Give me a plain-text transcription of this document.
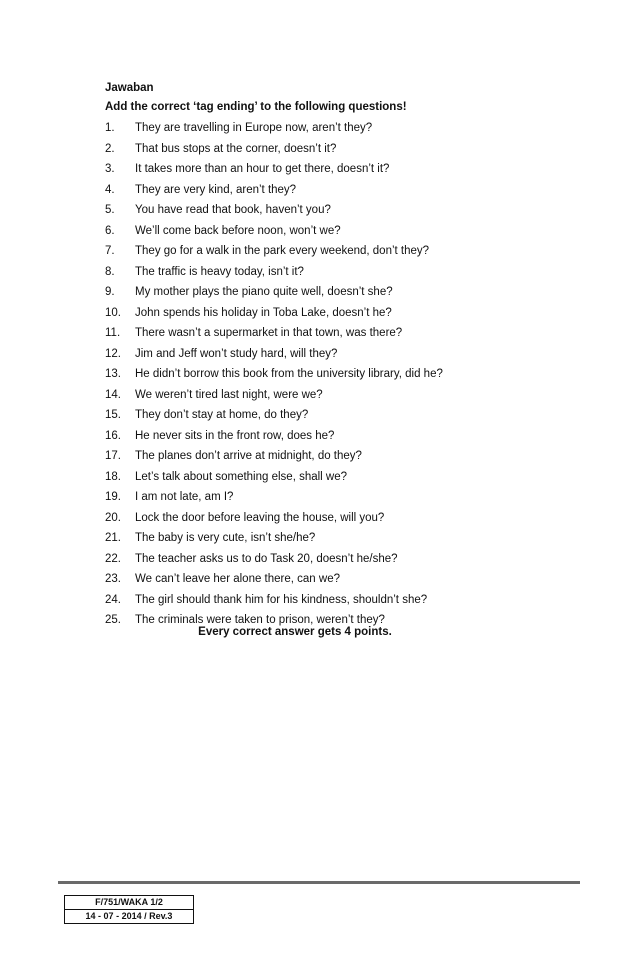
Jawaban
Add the correct ‘tag ending’ to the following questions!
1.	They are travelling in Europe now, aren’t they?
2.	That bus stops at the corner, doesn’t it?
3.	It takes more than an hour to get there, doesn’t it?
4.	They are very kind, aren’t they?
5.	You have read that book, haven’t you?
6.	We’ll come back before noon, won’t we?
7.	They go for a walk in the park every weekend, don’t they?
8.	The traffic is heavy today, isn’t it?
9.	My mother plays the piano quite well, doesn’t she?
10.	John spends his holiday in Toba Lake, doesn’t he?
11.	There wasn’t a supermarket in that town, was there?
12.	Jim and Jeff won’t study hard, will they?
13.	He didn’t borrow this book from the university library, did he?
14.	We weren’t tired last night, were we?
15.	They don’t stay at home, do they?
16.	He never sits in the front row, does he?
17.	The planes don’t arrive at midnight, do they?
18.	Let’s talk about something else, shall we?
19.	I am not late, am I?
20.	Lock the door before leaving the house, will you?
21.	The baby is very cute, isn’t she/he?
22.	The teacher asks us to do Task 20, doesn’t he/she?
23.	We can’t leave her alone there, can we?
24.	The girl should thank him for his kindness, shouldn’t she?
25.	The criminals were taken to prison, weren’t they?
Every correct answer gets 4 points.
F/751/WAKA 1/2
14 - 07 - 2014 / Rev.3
